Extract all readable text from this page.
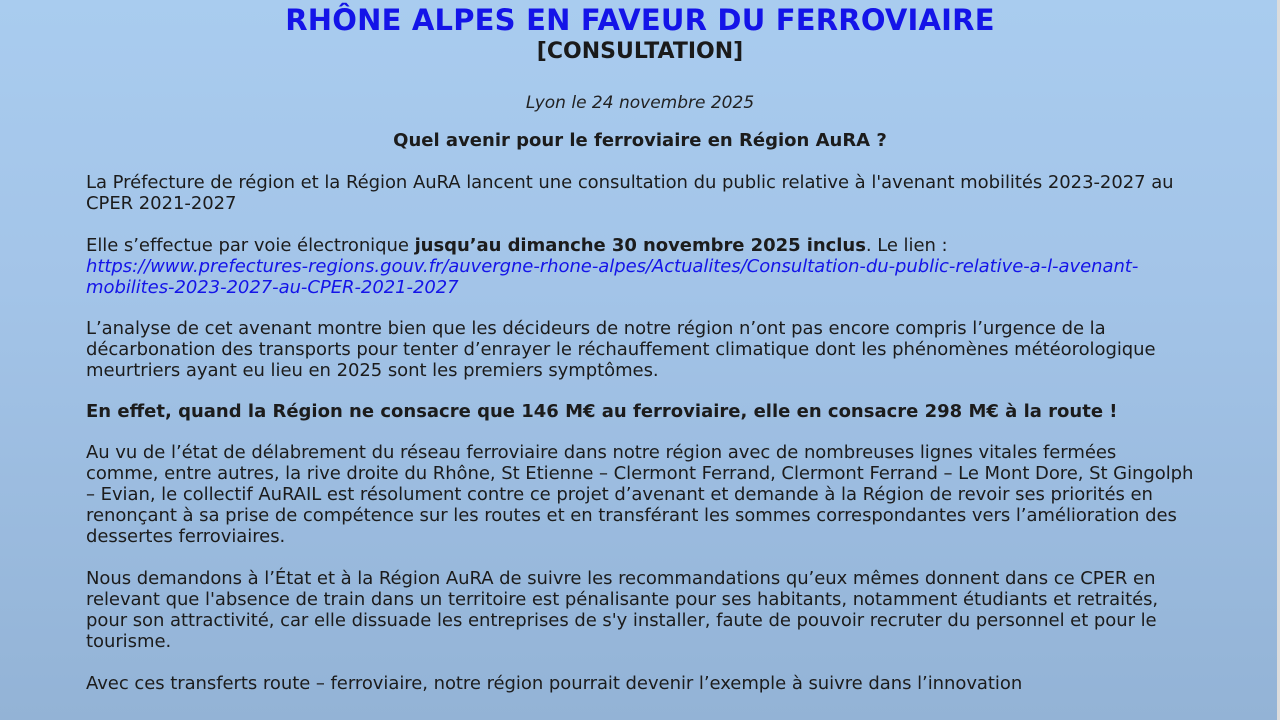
RHÔNE ALPES EN FAVEUR DU FERROVIAIRE
[CONSULTATION]
Lyon le 24 novembre 2025
Quel avenir pour le ferroviaire en Région AuRA ?

La Préfecture de région et la Région AuRA lancent une consultation du public relative à l'avenant mobilités 2023-2027 au CPER 2021-2027

Elle s’effectue par voie électronique jusqu’au dimanche 30 novembre 2025 inclus. Le lien :
https://www.prefectures-regions.gouv.fr/auvergne-rhone-alpes/Actualites/Consultation-du-public-relative-a-l-avenant-mobilites-2023-2027-au-CPER-2021-2027

L’analyse de cet avenant montre bien que les décideurs de notre région n’ont pas encore compris l’urgence de la décarbonation des transports pour tenter d’enrayer le réchauffement climatique dont les phénomènes météorologique meurtriers ayant eu lieu en 2025 sont les premiers symptômes.

En effet, quand la Région ne consacre que 146 M€ au ferroviaire, elle en consacre 298 M€ à la route !

Au vu de l’état de délabrement du réseau ferroviaire dans notre région avec de nombreuses lignes vitales fermées comme, entre autres, la rive droite du Rhône, St Etienne – Clermont Ferrand, Clermont Ferrand – Le Mont Dore, St Gingolph – Evian, le collectif AuRAIL est résolument contre ce projet d’avenant et demande à la Région de revoir ses priorités en renonçant à sa prise de compétence sur les routes et en transférant les sommes correspondantes vers l’amélioration des dessertes ferroviaires.

Nous demandons à l’État et à la Région AuRA de suivre les recommandations qu’eux mêmes donnent dans ce CPER en relevant que l'absence de train dans un territoire est pénalisante pour ses habitants, notamment étudiants et retraités, pour son attractivité, car elle dissuade les entreprises de s'y installer, faute de pouvoir recruter du personnel et pour le tourisme.

Avec ces transferts route – ferroviaire, notre région pourrait devenir l’exemple à suivre dans l’innovation
